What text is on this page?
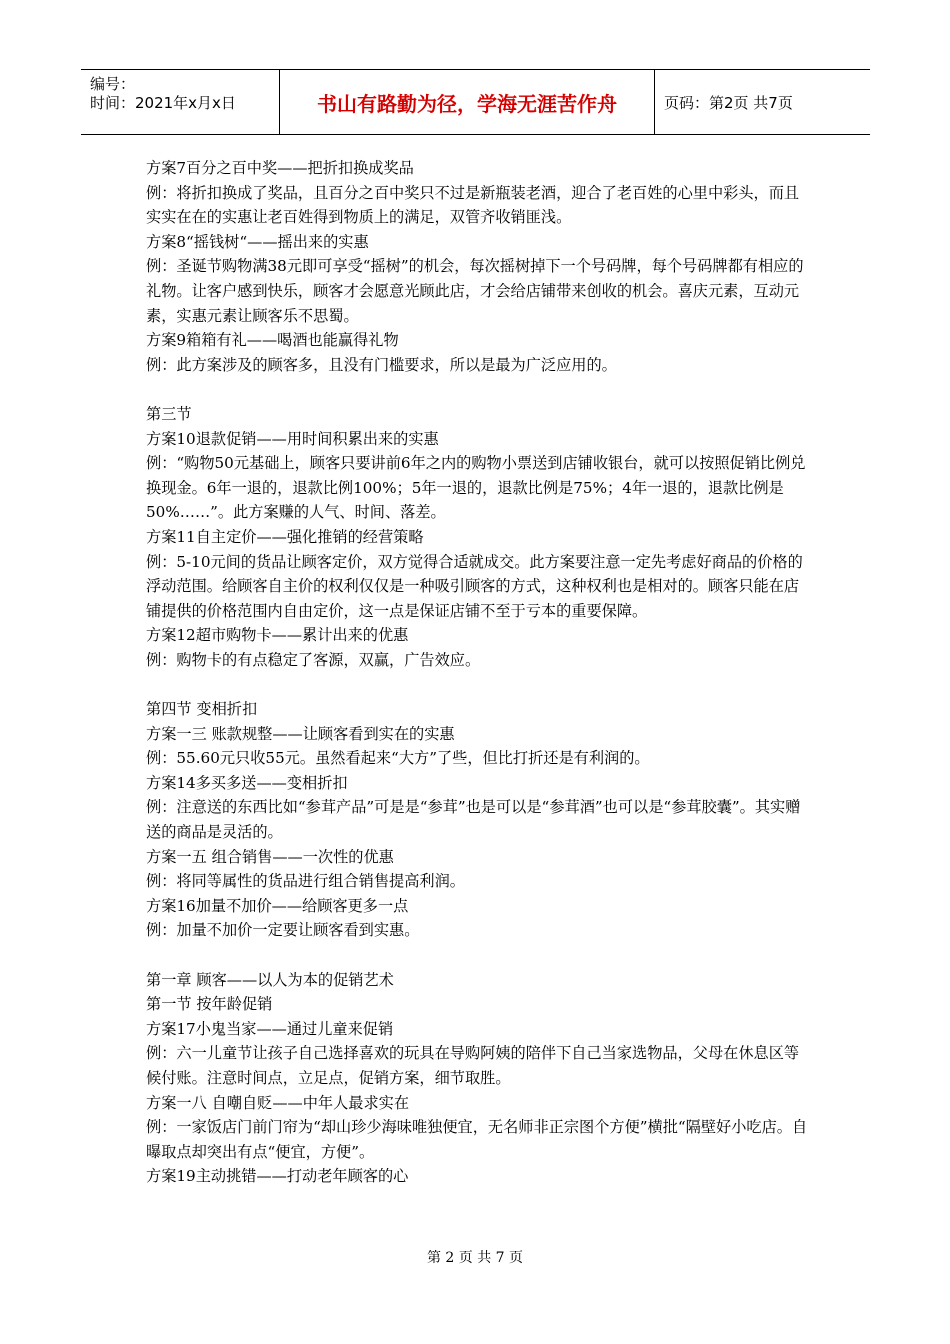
编号：
时间：2021年x月x日	书山有路勤为径，学海无涯苦作舟	页码：第2页 共7页

方案7百分之百中奖——把折扣换成奖品

例：将折扣换成了奖品，且百分之百中奖只不过是新瓶装老酒，迎合了老百姓的心里中彩头，而且实实在在的实惠让老百姓得到物质上的满足，双管齐收销匪浅。

方案8“摇钱树“——摇出来的实惠

例：圣诞节购物满38元即可享受“摇树”的机会，每次摇树掉下一个号码牌，每个号码牌都有相应的礼物。让客户感到快乐，顾客才会愿意光顾此店，才会给店铺带来创收的机会。喜庆元素，互动元素，实惠元素让顾客乐不思蜀。

方案9箱箱有礼——喝酒也能赢得礼物

例：此方案涉及的顾客多，且没有门槛要求，所以是最为广泛应用的。

第三节

方案10退款促销——用时间积累出来的实惠

例：“购物50元基础上，顾客只要讲前6年之内的购物小票送到店铺收银台，就可以按照促销比例兑换现金。6年一退的，退款比例100%；5年一退的，退款比例是75%；4年一退的，退款比例是50%……”。此方案赚的人气、时间、落差。

方案11自主定价——强化推销的经营策略

例：5-10元间的货品让顾客定价，双方觉得合适就成交。此方案要注意一定先考虑好商品的价格的浮动范围。给顾客自主价的权利仅仅是一种吸引顾客的方式，这种权利也是相对的。顾客只能在店铺提供的价格范围内自由定价，这一点是保证店铺不至于亏本的重要保障。

方案12超市购物卡——累计出来的优惠

例：购物卡的有点稳定了客源，双赢，广告效应。

第四节 变相折扣

方案一三 账款规整——让顾客看到实在的实惠

例：55.60元只收55元。虽然看起来“大方”了些，但比打折还是有利润的。

方案14多买多送——变相折扣

例：注意送的东西比如“参茸产品”可是是“参茸”也是可以是“参茸酒”也可以是“参茸胶囊”。其实赠送的商品是灵活的。

方案一五 组合销售——一次性的优惠

例：将同等属性的货品进行组合销售提高利润。

方案16加量不加价——给顾客更多一点

例：加量不加价一定要让顾客看到实惠。

第一章 顾客——以人为本的促销艺术

第一节 按年龄促销

方案17小鬼当家——通过儿童来促销

例：六一儿童节让孩子自己选择喜欢的玩具在导购阿姨的陪伴下自己当家选物品，父母在休息区等候付账。注意时间点，立足点，促销方案，细节取胜。

方案一八 自嘲自贬——中年人最求实在

例：一家饭店门前门帘为“却山珍少海味唯独便宜，无名师非正宗图个方便”横批“隔壁好小吃店。自曝取点却突出有点“便宜，方便”。

方案19主动挑错——打动老年顾客的心

第 2 页 共 7 页
